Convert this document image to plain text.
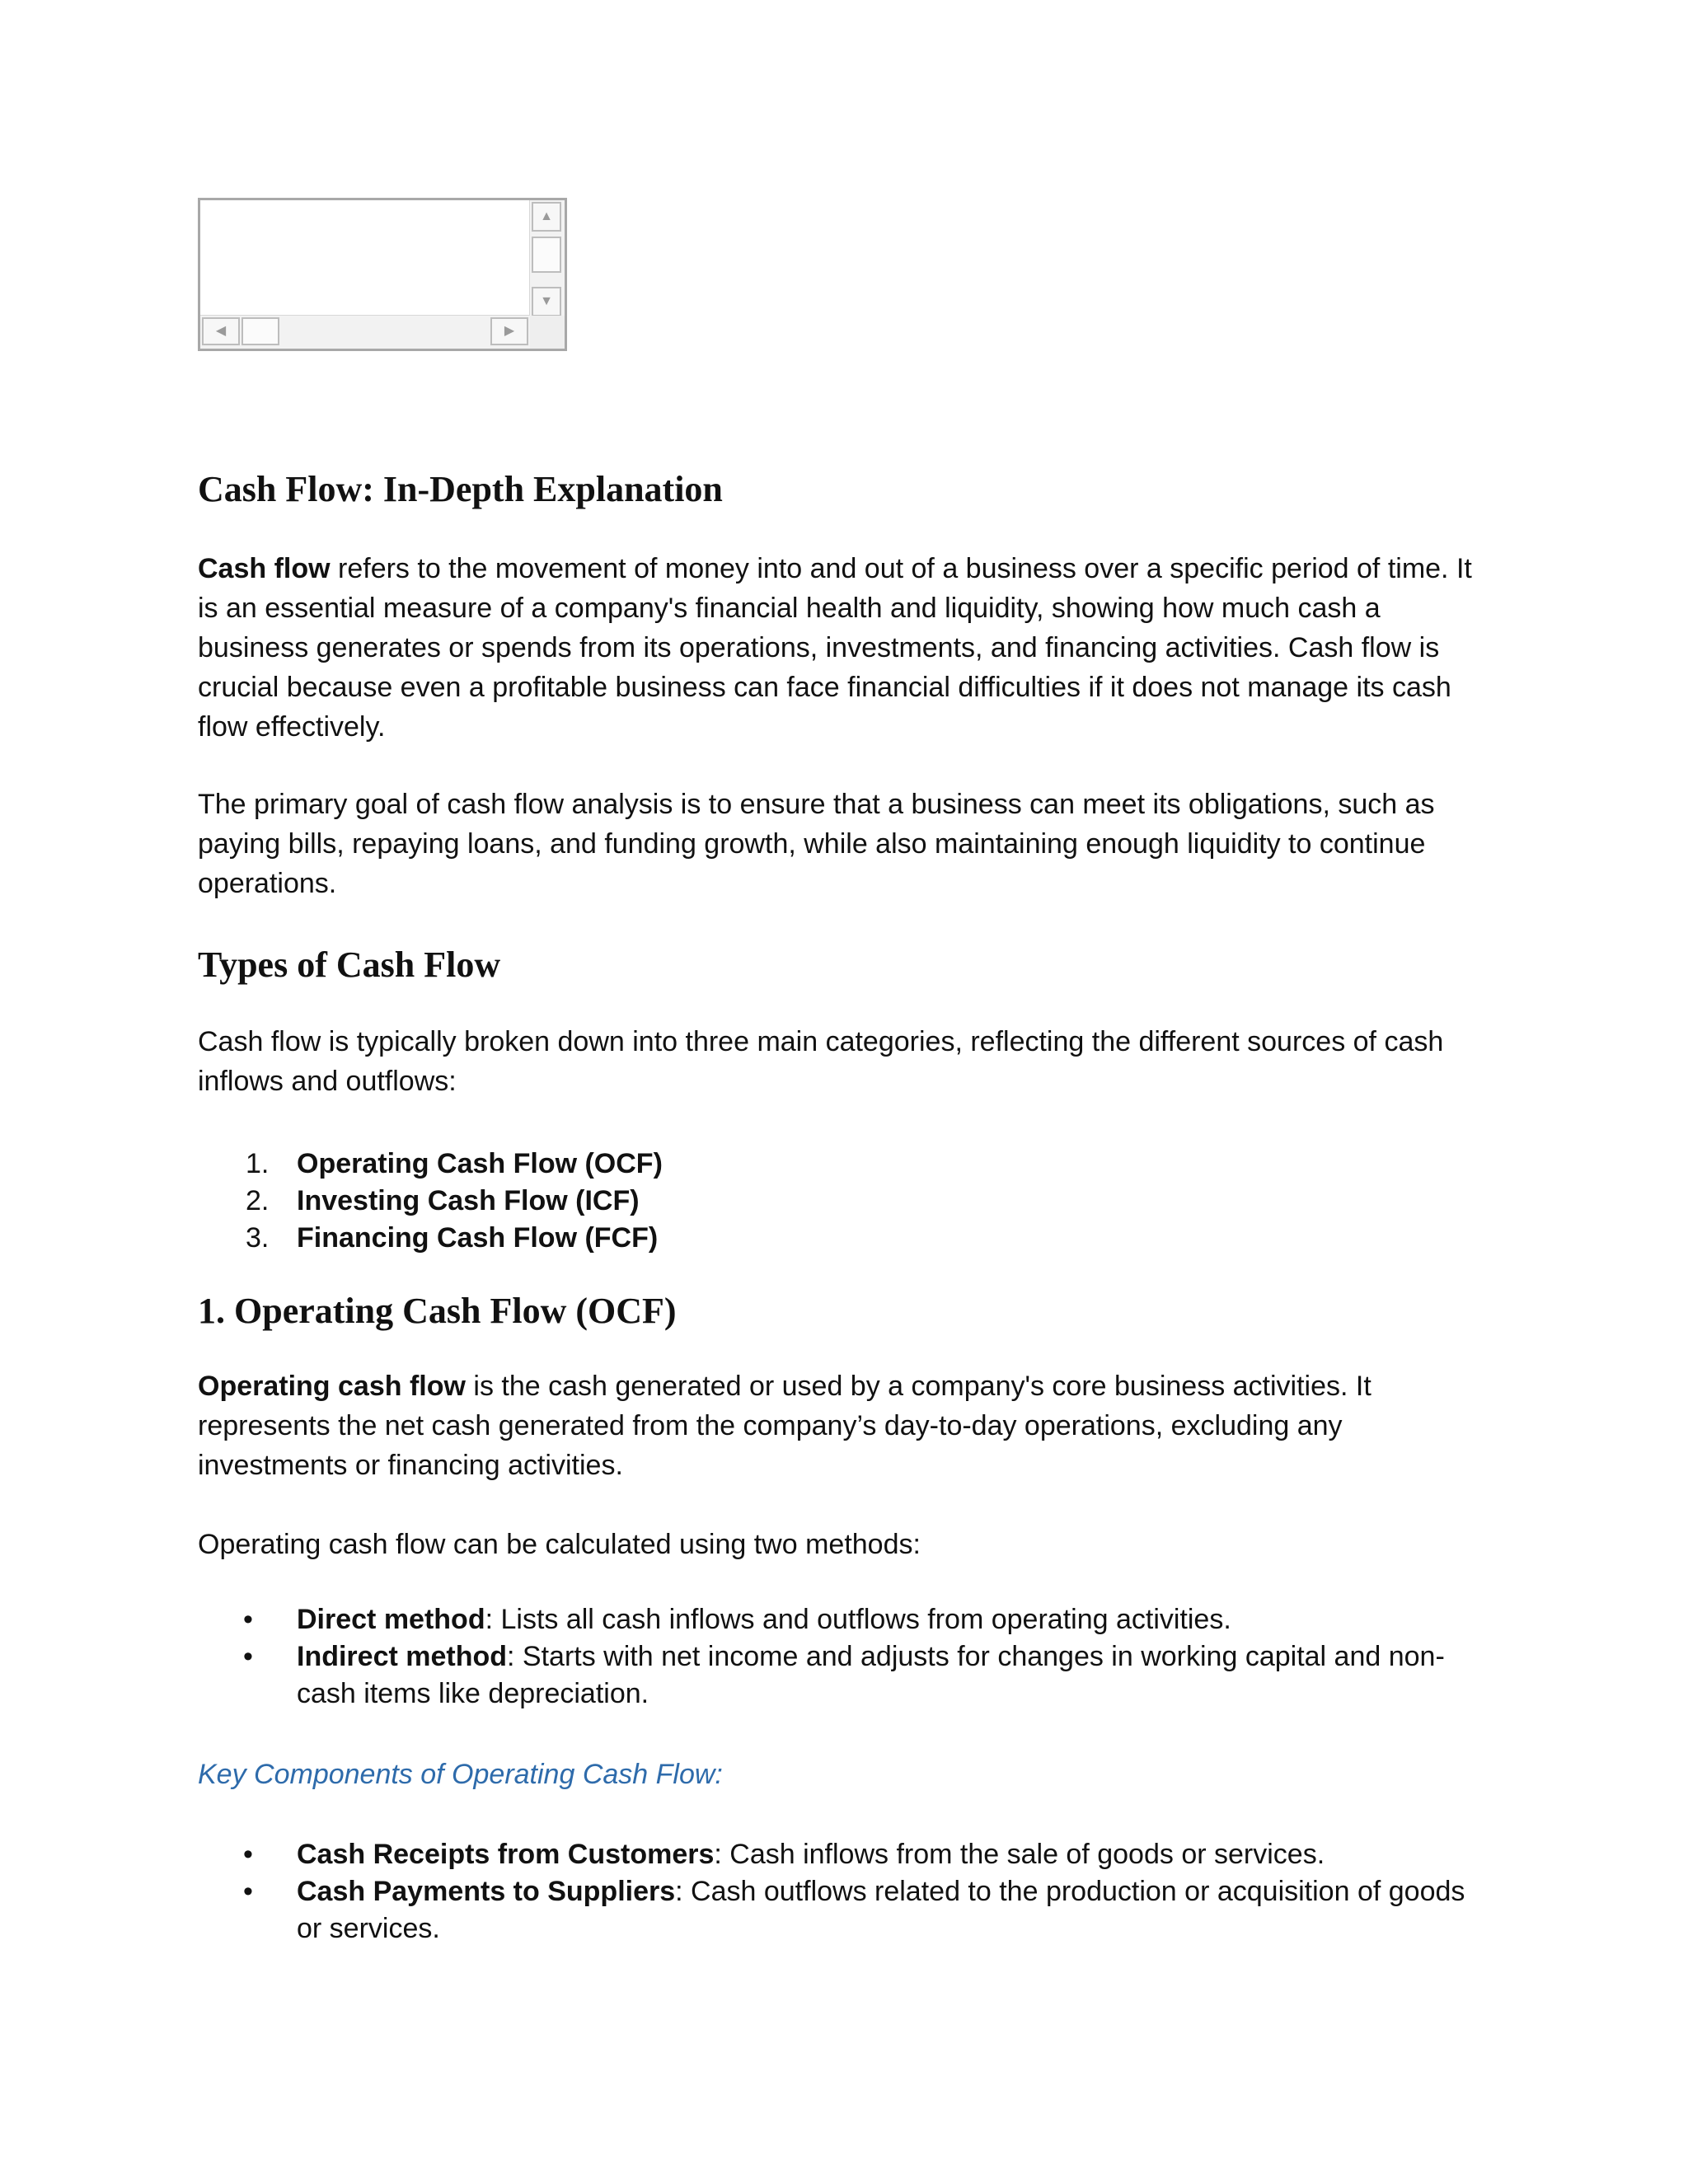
▲
▼
◀	▶
Cash Flow: In-Depth Explanation

Cash flow refers to the movement of money into and out of a business over a specific period of time. It is an essential measure of a company's financial health and liquidity, showing how much cash a business generates or spends from its operations, investments, and financing activities. Cash flow is crucial because even a profitable business can face financial difficulties if it does not manage its cash flow effectively.

The primary goal of cash flow analysis is to ensure that a business can meet its obligations, such as paying bills, repaying loans, and funding growth, while also maintaining enough liquidity to continue operations.

Types of Cash Flow

Cash flow is typically broken down into three main categories, reflecting the different sources of cash inflows and outflows:

1. Operating Cash Flow (OCF)
2. Investing Cash Flow (ICF)
3. Financing Cash Flow (FCF)
1. Operating Cash Flow (OCF)

Operating cash flow is the cash generated or used by a company's core business activities. It represents the net cash generated from the company’s day-to-day operations, excluding any investments or financing activities.

Operating cash flow can be calculated using two methods:

• Direct method: Lists all cash inflows and outflows from operating activities.
• Indirect method: Starts with net income and adjusts for changes in working capital and non-cash items like depreciation.

Key Components of Operating Cash Flow:

• Cash Receipts from Customers: Cash inflows from the sale of goods or services.
• Cash Payments to Suppliers: Cash outflows related to the production or acquisition of goods or services.
